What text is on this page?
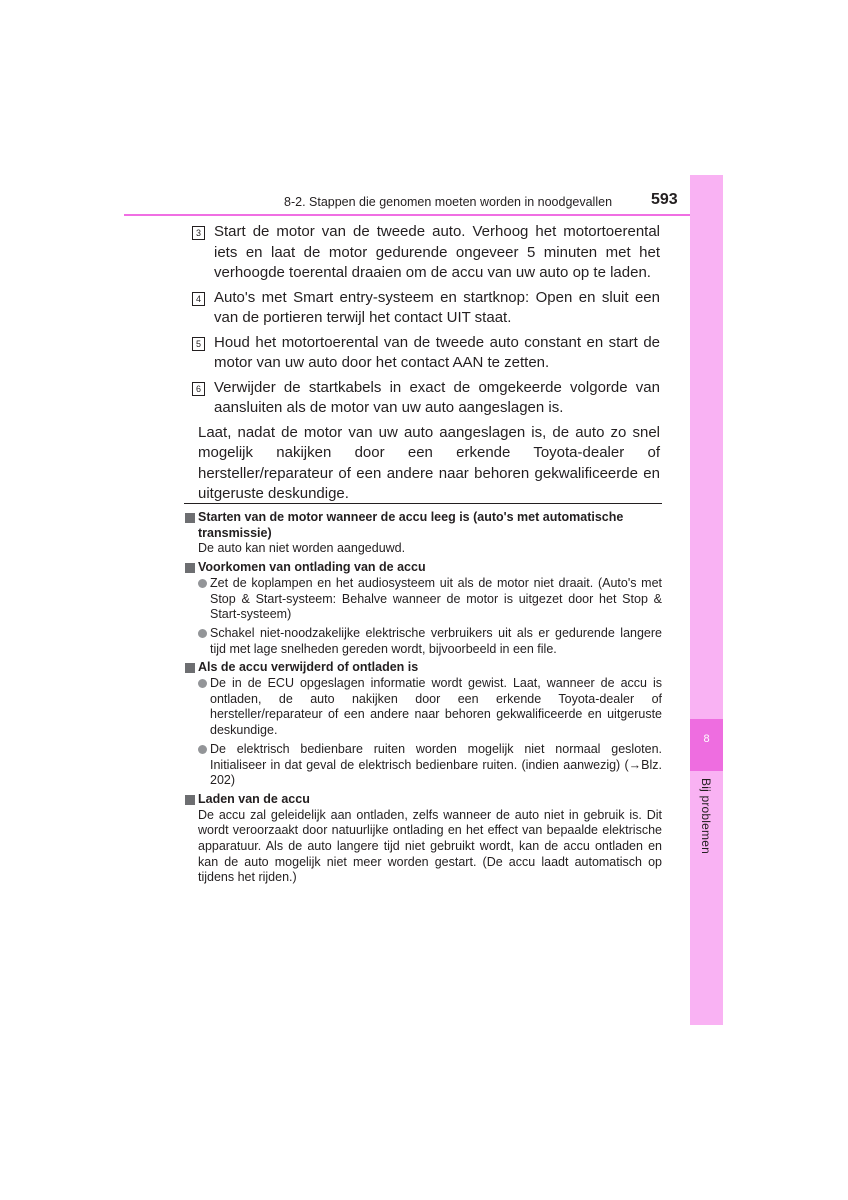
8-2. Stappen die genomen moeten worden in noodgevallen 593
8
Bij problemen
3 Start de motor van de tweede auto. Verhoog het motortoerental iets en laat de motor gedurende ongeveer 5 minuten met het verhoogde toerental draaien om de accu van uw auto op te laden.
4 Auto's met Smart entry-systeem en startknop: Open en sluit een van de portieren terwijl het contact UIT staat.
5 Houd het motortoerental van de tweede auto constant en start de motor van uw auto door het contact AAN te zetten.
6 Verwijder de startkabels in exact de omgekeerde volgorde van aansluiten als de motor van uw auto aangeslagen is.
Laat, nadat de motor van uw auto aangeslagen is, de auto zo snel mogelijk nakijken door een erkende Toyota-dealer of hersteller/reparateur of een andere naar behoren gekwalificeerde en uitgeruste deskundige.
Starten van de motor wanneer de accu leeg is (auto's met automatische transmissie)
De auto kan niet worden aangeduwd.
Voorkomen van ontlading van de accu
Zet de koplampen en het audiosysteem uit als de motor niet draait. (Auto's met Stop & Start-systeem: Behalve wanneer de motor is uitgezet door het Stop & Start-systeem)
Schakel niet-noodzakelijke elektrische verbruikers uit als er gedurende langere tijd met lage snelheden gereden wordt, bijvoorbeeld in een file.
Als de accu verwijderd of ontladen is
De in de ECU opgeslagen informatie wordt gewist. Laat, wanneer de accu is ontladen, de auto nakijken door een erkende Toyota-dealer of hersteller/reparateur of een andere naar behoren gekwalificeerde en uitgeruste deskundige.
De elektrisch bedienbare ruiten worden mogelijk niet normaal gesloten. Initialiseer in dat geval de elektrisch bedienbare ruiten. (indien aanwezig) (→Blz. 202)
Laden van de accu
De accu zal geleidelijk aan ontladen, zelfs wanneer de auto niet in gebruik is. Dit wordt veroorzaakt door natuurlijke ontlading en het effect van bepaalde elektrische apparatuur. Als de auto langere tijd niet gebruikt wordt, kan de accu ontladen en kan de auto mogelijk niet meer worden gestart. (De accu laadt automatisch op tijdens het rijden.)
